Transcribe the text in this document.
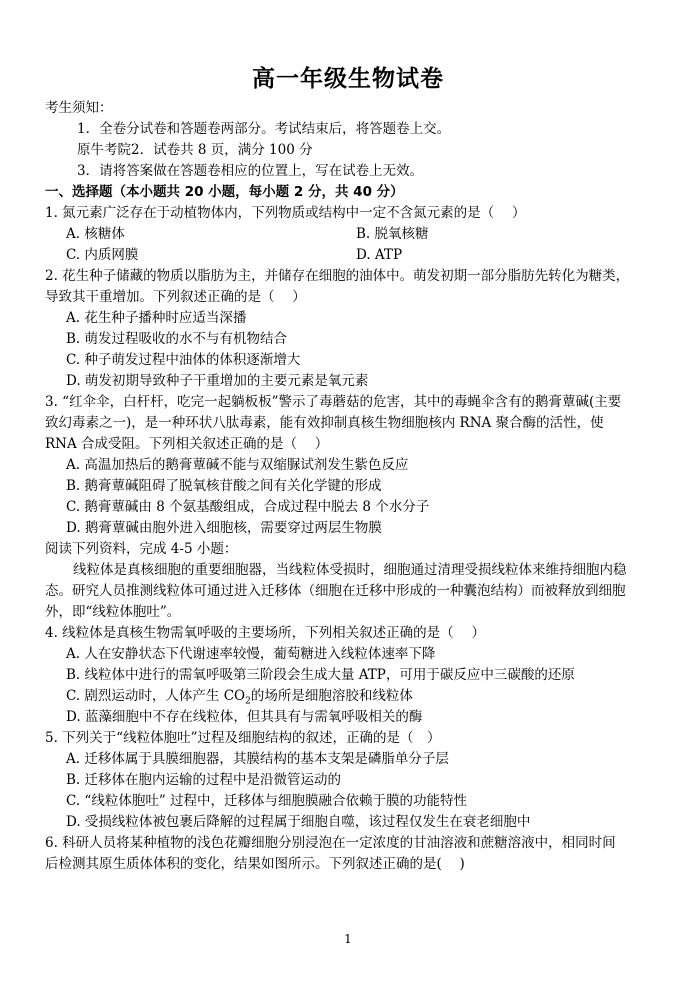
高一年级生物试卷
考生须知：
1．全卷分试卷和答题卷两部分。考试结束后，将答题卷上交。
原牛考院2．试卷共 8 页，满分 100 分
3．请将答案做在答题卷相应的位置上，写在试卷上无效。
一、选择题（本小题共 20 小题，每小题 2 分，共 40 分）
1. 氮元素广泛存在于动植物体内，下列物质或结构中一定不含氮元素的是（　 ）
A. 核糖体	B. 脱氧核糖
C. 内质网膜	D. ATP
2. 花生种子储藏的物质以脂肪为主，并储存在细胞的油体中。萌发初期一部分脂肪先转化为糖类，
导致其干重增加。下列叙述正确的是（　 ）
A. 花生种子播种时应适当深播
B. 萌发过程吸收的水不与有机物结合
C. 种子萌发过程中油体的体积逐渐增大
D. 萌发初期导致种子干重增加的主要元素是氧元素
3. “红伞伞，白杆杆，吃完一起躺板板”警示了毒蘑菇的危害，其中的毒蝇伞含有的鹅膏蕈碱(主要
致幻毒素之一)，是一种环状八肽毒素，能有效抑制真核生物细胞核内 RNA 聚合酶的活性，使
RNA 合成受阻。下列相关叙述正确的是（　 ）
A. 高温加热后的鹅膏蕈碱不能与双缩脲试剂发生紫色反应
B. 鹅膏蕈碱阻碍了脱氧核苷酸之间有关化学键的形成
C. 鹅膏蕈碱由 8 个氨基酸组成，合成过程中脱去 8 个水分子
D. 鹅膏蕈碱由胞外进入细胞核，需要穿过两层生物膜
阅读下列资料，完成 4-5 小题：
线粒体是真核细胞的重要细胞器，当线粒体受损时，细胞通过清理受损线粒体来维持细胞内稳
态。研究人员推测线粒体可通过进入迁移体（细胞在迁移中形成的一种囊泡结构）而被释放到细胞
外，即“线粒体胞吐”。
4. 线粒体是真核生物需氧呼吸的主要场所，下列相关叙述正确的是（　 ）
A. 人在安静状态下代谢速率较慢，葡萄糖进入线粒体速率下降
B. 线粒体中进行的需氧呼吸第三阶段会生成大量 ATP，可用于碳反应中三碳酸的还原
C. 剧烈运动时，人体产生 $CO_2$的场所是细胞溶胶和线粒体
D. 蓝藻细胞中不存在线粒体，但其具有与需氧呼吸相关的酶
5. 下列关于“线粒体胞吐”过程及细胞结构的叙述，正确的是（　）
A. 迁移体属于具膜细胞器，其膜结构的基本支架是磷脂单分子层
B. 迁移体在胞内运输的过程中是沿微管运动的
C. “线粒体胞吐” 过程中，迁移体与细胞膜融合依赖于膜的功能特性
D. 受损线粒体被包裹后降解的过程属于细胞自噬，该过程仅发生在衰老细胞中
6. 科研人员将某种植物的浅色花瓣细胞分别浸泡在一定浓度的甘油溶液和蔗糖溶液中，相同时间
后检测其原生质体体积的变化，结果如图所示。下列叙述正确的是(　 )
1
